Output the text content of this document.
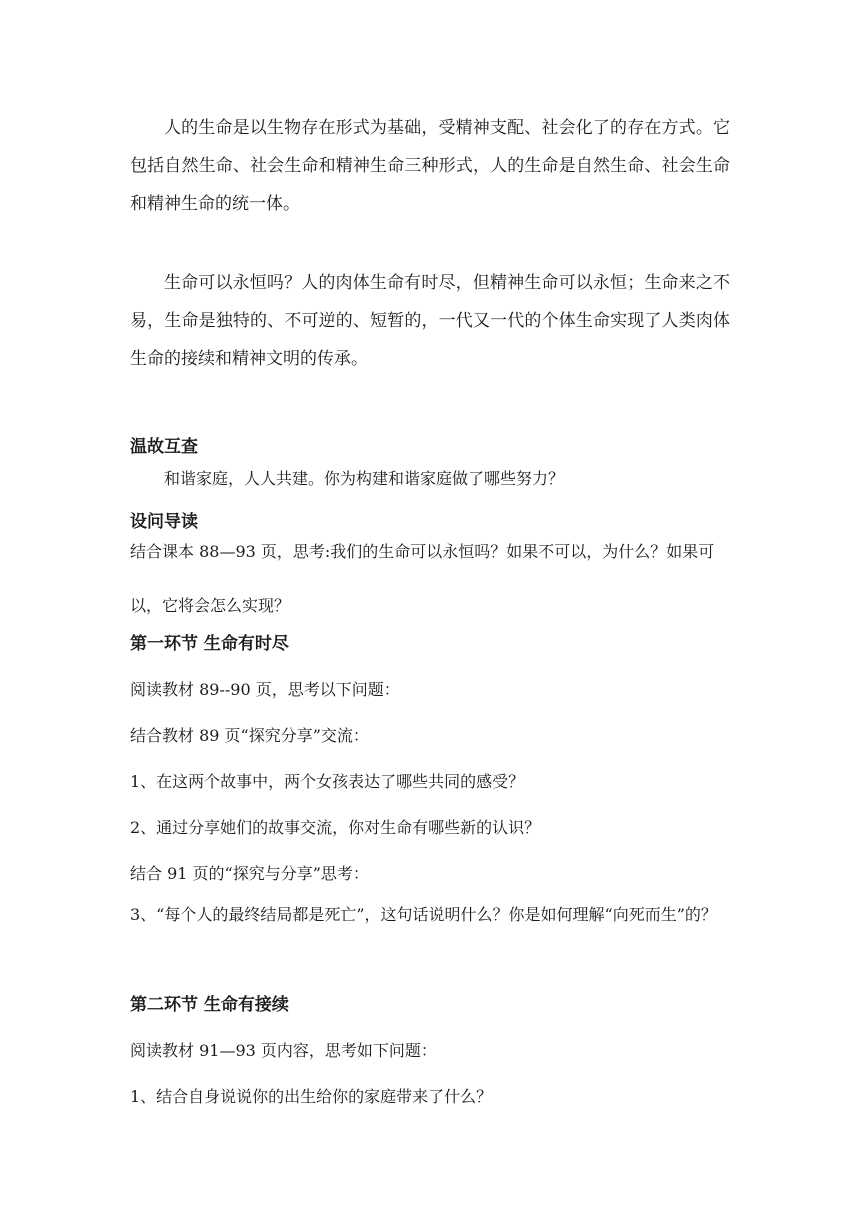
人的生命是以生物存在形式为基础，受精神支配、社会化了的存在方式。它包括自然生命、社会生命和精神生命三种形式，人的生命是自然生命、社会生命和精神生命的统一体。
生命可以永恒吗？人的肉体生命有时尽，但精神生命可以永恒；生命来之不易，生命是独特的、不可逆的、短暂的，一代又一代的个体生命实现了人类肉体生命的接续和精神文明的传承。
温故互查
和谐家庭，人人共建。你为构建和谐家庭做了哪些努力？
设问导读
结合课本 88—93 页，思考:我们的生命可以永恒吗？如果不可以，为什么？如果可以，它将会怎么实现？
第一环节 生命有时尽
阅读教材 89--90 页，思考以下问题：
结合教材 89 页“探究分享”交流：
1、在这两个故事中，两个女孩表达了哪些共同的感受？
2、通过分享她们的故事交流，你对生命有哪些新的认识？
结合 91 页的“探究与分享”思考：
3、“每个人的最终结局都是死亡”，这句话说明什么？你是如何理解“向死而生”的？
第二环节 生命有接续
阅读教材 91—93 页内容，思考如下问题：
1、结合自身说说你的出生给你的家庭带来了什么？
